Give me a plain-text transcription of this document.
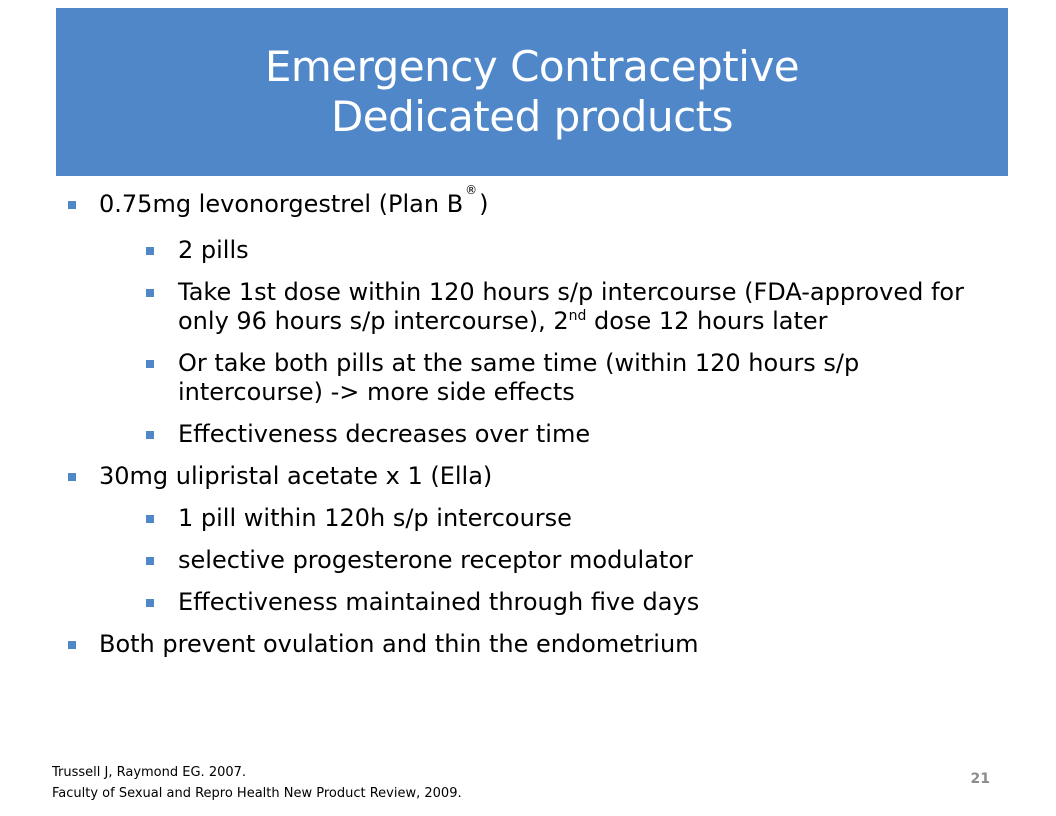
Emergency Contraceptive
Dedicated products
0.75mg levonorgestrel (Plan B ®)
2 pills
Take 1st dose within 120 hours s/p intercourse (FDA-approved for only 96 hours s/p intercourse), 2nd dose 12 hours later
Or take both pills at the same time (within 120 hours s/p intercourse) -> more side effects
Effectiveness decreases over time
30mg ulipristal acetate x 1 (Ella)
1 pill within 120h s/p intercourse
selective progesterone receptor modulator
Effectiveness maintained through five days
Both prevent ovulation and thin the endometrium
Trussell J, Raymond EG. 2007.
Faculty of Sexual and Repro Health New Product Review, 2009.
21
